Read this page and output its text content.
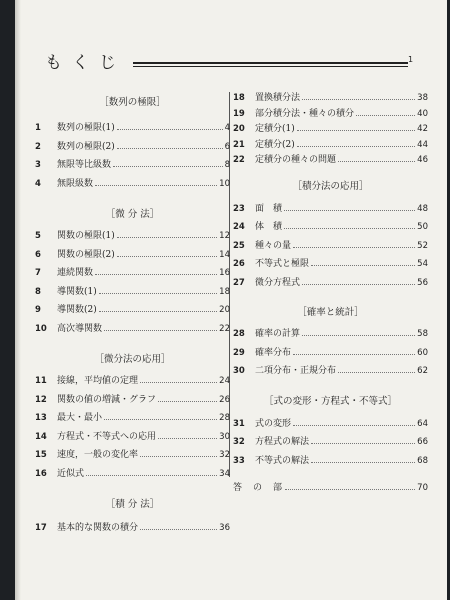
もくじ	1
［数列の極限］
1	数列の極限(1)	4
2	数列の極限(2)	6
3	無限等比級数	8
4	無限級数	10
［微 分 法］
5	関数の極限(1)	12
6	関数の極限(2)	14
7	連続関数	16
8	導関数(1)	18
9	導関数(2)	20
10	高次導関数	22
［微分法の応用］
11	接線，平均値の定理	24
12	関数の値の増減・グラフ	26
13	最大・最小	28
14	方程式・不等式への応用	30
15	速度，一般の変化率	32
16	近似式	34
［積 分 法］
17	基本的な関数の積分	36
18	置換積分法	38
19	部分積分法・種々の積分	40
20	定積分(1)	42
21	定積分(2)	44
22	定積分の種々の問題	46
［積分法の応用］
23	面　積	48
24	体　積	50
25	種々の量	52
26	不等式と極限	54
27	微分方程式	56
［確率と統計］
28	確率の計算	58
29	確率分布	60
30	二項分布・正規分布	62
［式の変形・方程式・不等式］
31	式の変形	64
32	方程式の解法	66
33	不等式の解法	68
答　の　部	70
